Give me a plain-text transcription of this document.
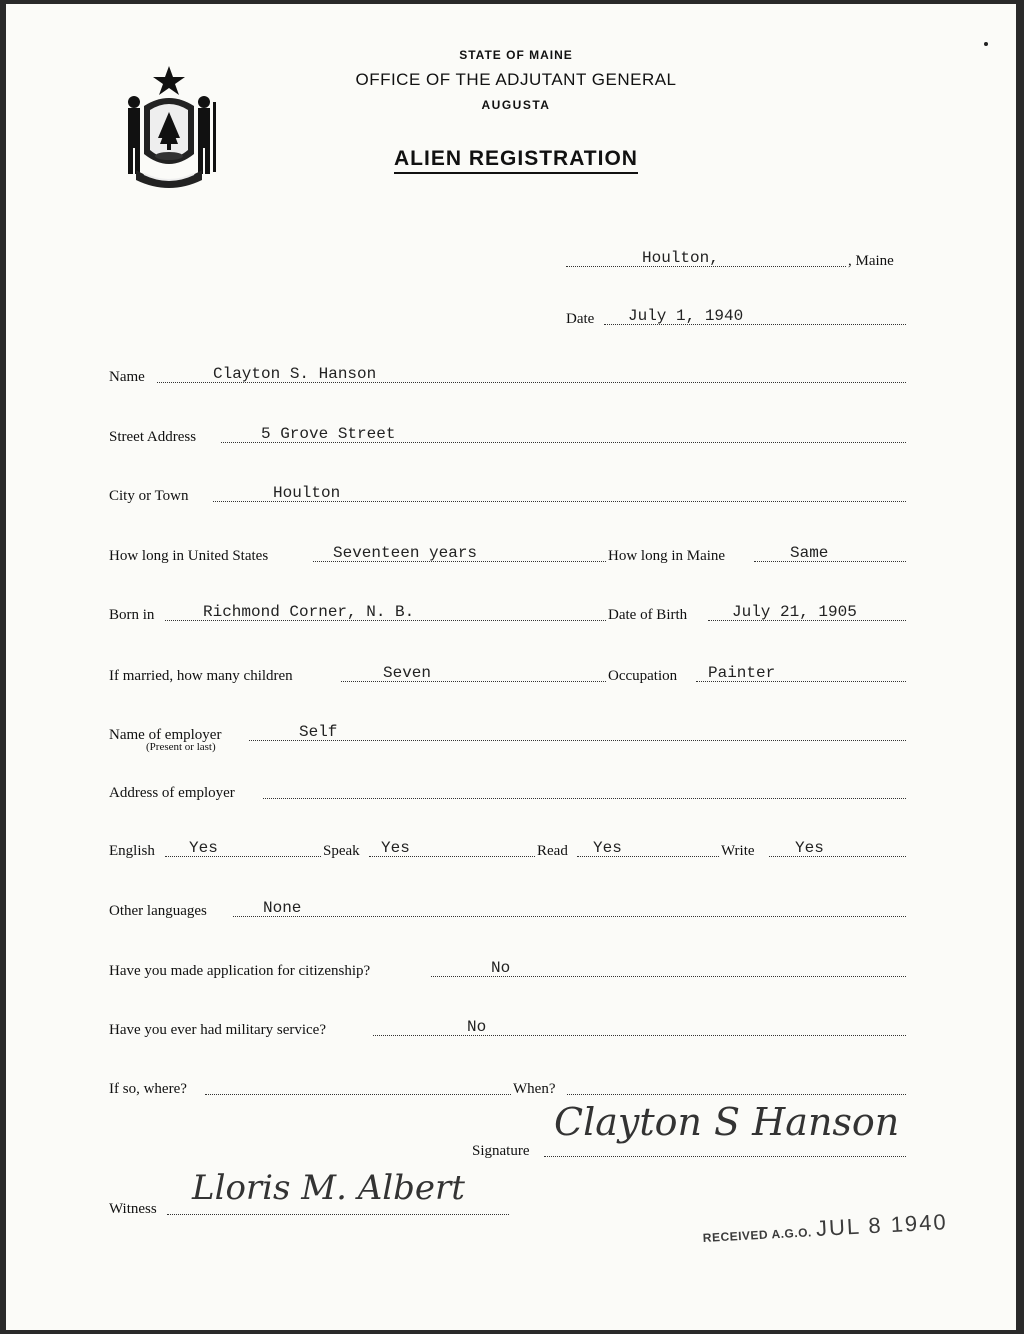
STATE OF MAINE
OFFICE OF THE ADJUTANT GENERAL
AUGUSTA
ALIEN REGISTRATION
Houlton,	, Maine
Date July 1, 1940
Name	Clayton S. Hanson
Street Address	5 Grove Street
City or Town	Houlton
How long in United States	Seventeen years	How long in Maine	Same
Born in	Richmond Corner, N. B.	Date of Birth	July 21, 1905
If married, how many children	Seven	Occupation Painter
Name of employer	Self
(Present or last)
Address of employer
English Yes	Speak Yes	Read Yes	Write	Yes
Other languages	None
Have you made application for citizenship?	No
Have you ever had military service?	No
If so, where?	When?
Signature
Clayton S Hanson
Witness
Lloris M. Albert
RECEIVED A.G.O. JUL 8 1940
